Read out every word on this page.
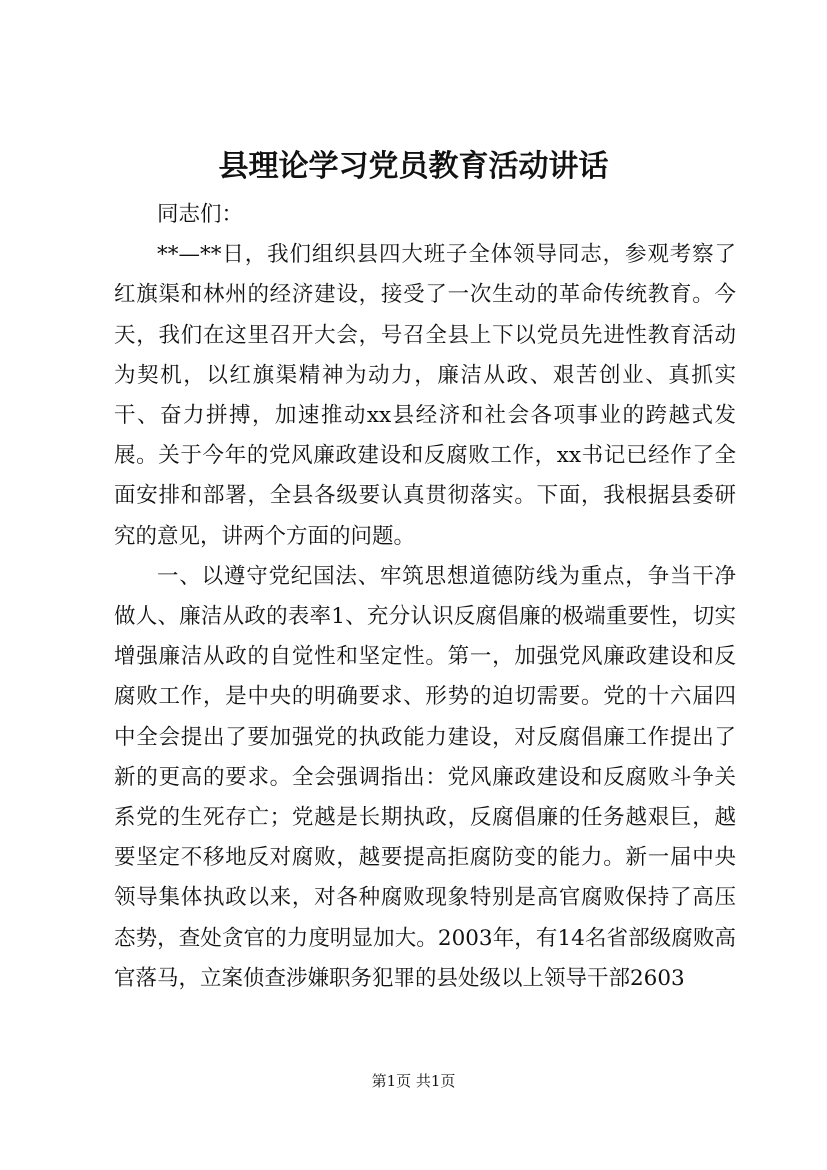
县理论学习党员教育活动讲话

同志们：

**—**日，我们组织县四大班子全体领导同志，参观考察了红旗渠和林州的经济建设，接受了一次生动的革命传统教育。今天，我们在这里召开大会，号召全县上下以党员先进性教育活动为契机，以红旗渠精神为动力，廉洁从政、艰苦创业、真抓实干、奋力拼搏，加速推动xx县经济和社会各项事业的跨越式发展。关于今年的党风廉政建设和反腐败工作，xx书记已经作了全面安排和部署，全县各级要认真贯彻落实。下面，我根据县委研究的意见，讲两个方面的问题。

一、以遵守党纪国法、牢筑思想道德防线为重点，争当干净做人、廉洁从政的表率1、充分认识反腐倡廉的极端重要性，切实增强廉洁从政的自觉性和坚定性。第一，加强党风廉政建设和反腐败工作，是中央的明确要求、形势的迫切需要。党的十六届四中全会提出了要加强党的执政能力建设，对反腐倡廉工作提出了新的更高的要求。全会强调指出：党风廉政建设和反腐败斗争关系党的生死存亡；党越是长期执政，反腐倡廉的任务越艰巨，越要坚定不移地反对腐败，越要提高拒腐防变的能力。新一届中央领导集体执政以来，对各种腐败现象特别是高官腐败保持了高压态势，查处贪官的力度明显加大。2003年，有14名省部级腐败高官落马，立案侦查涉嫌职务犯罪的县处级以上领导干部2603

第1页 共1页
